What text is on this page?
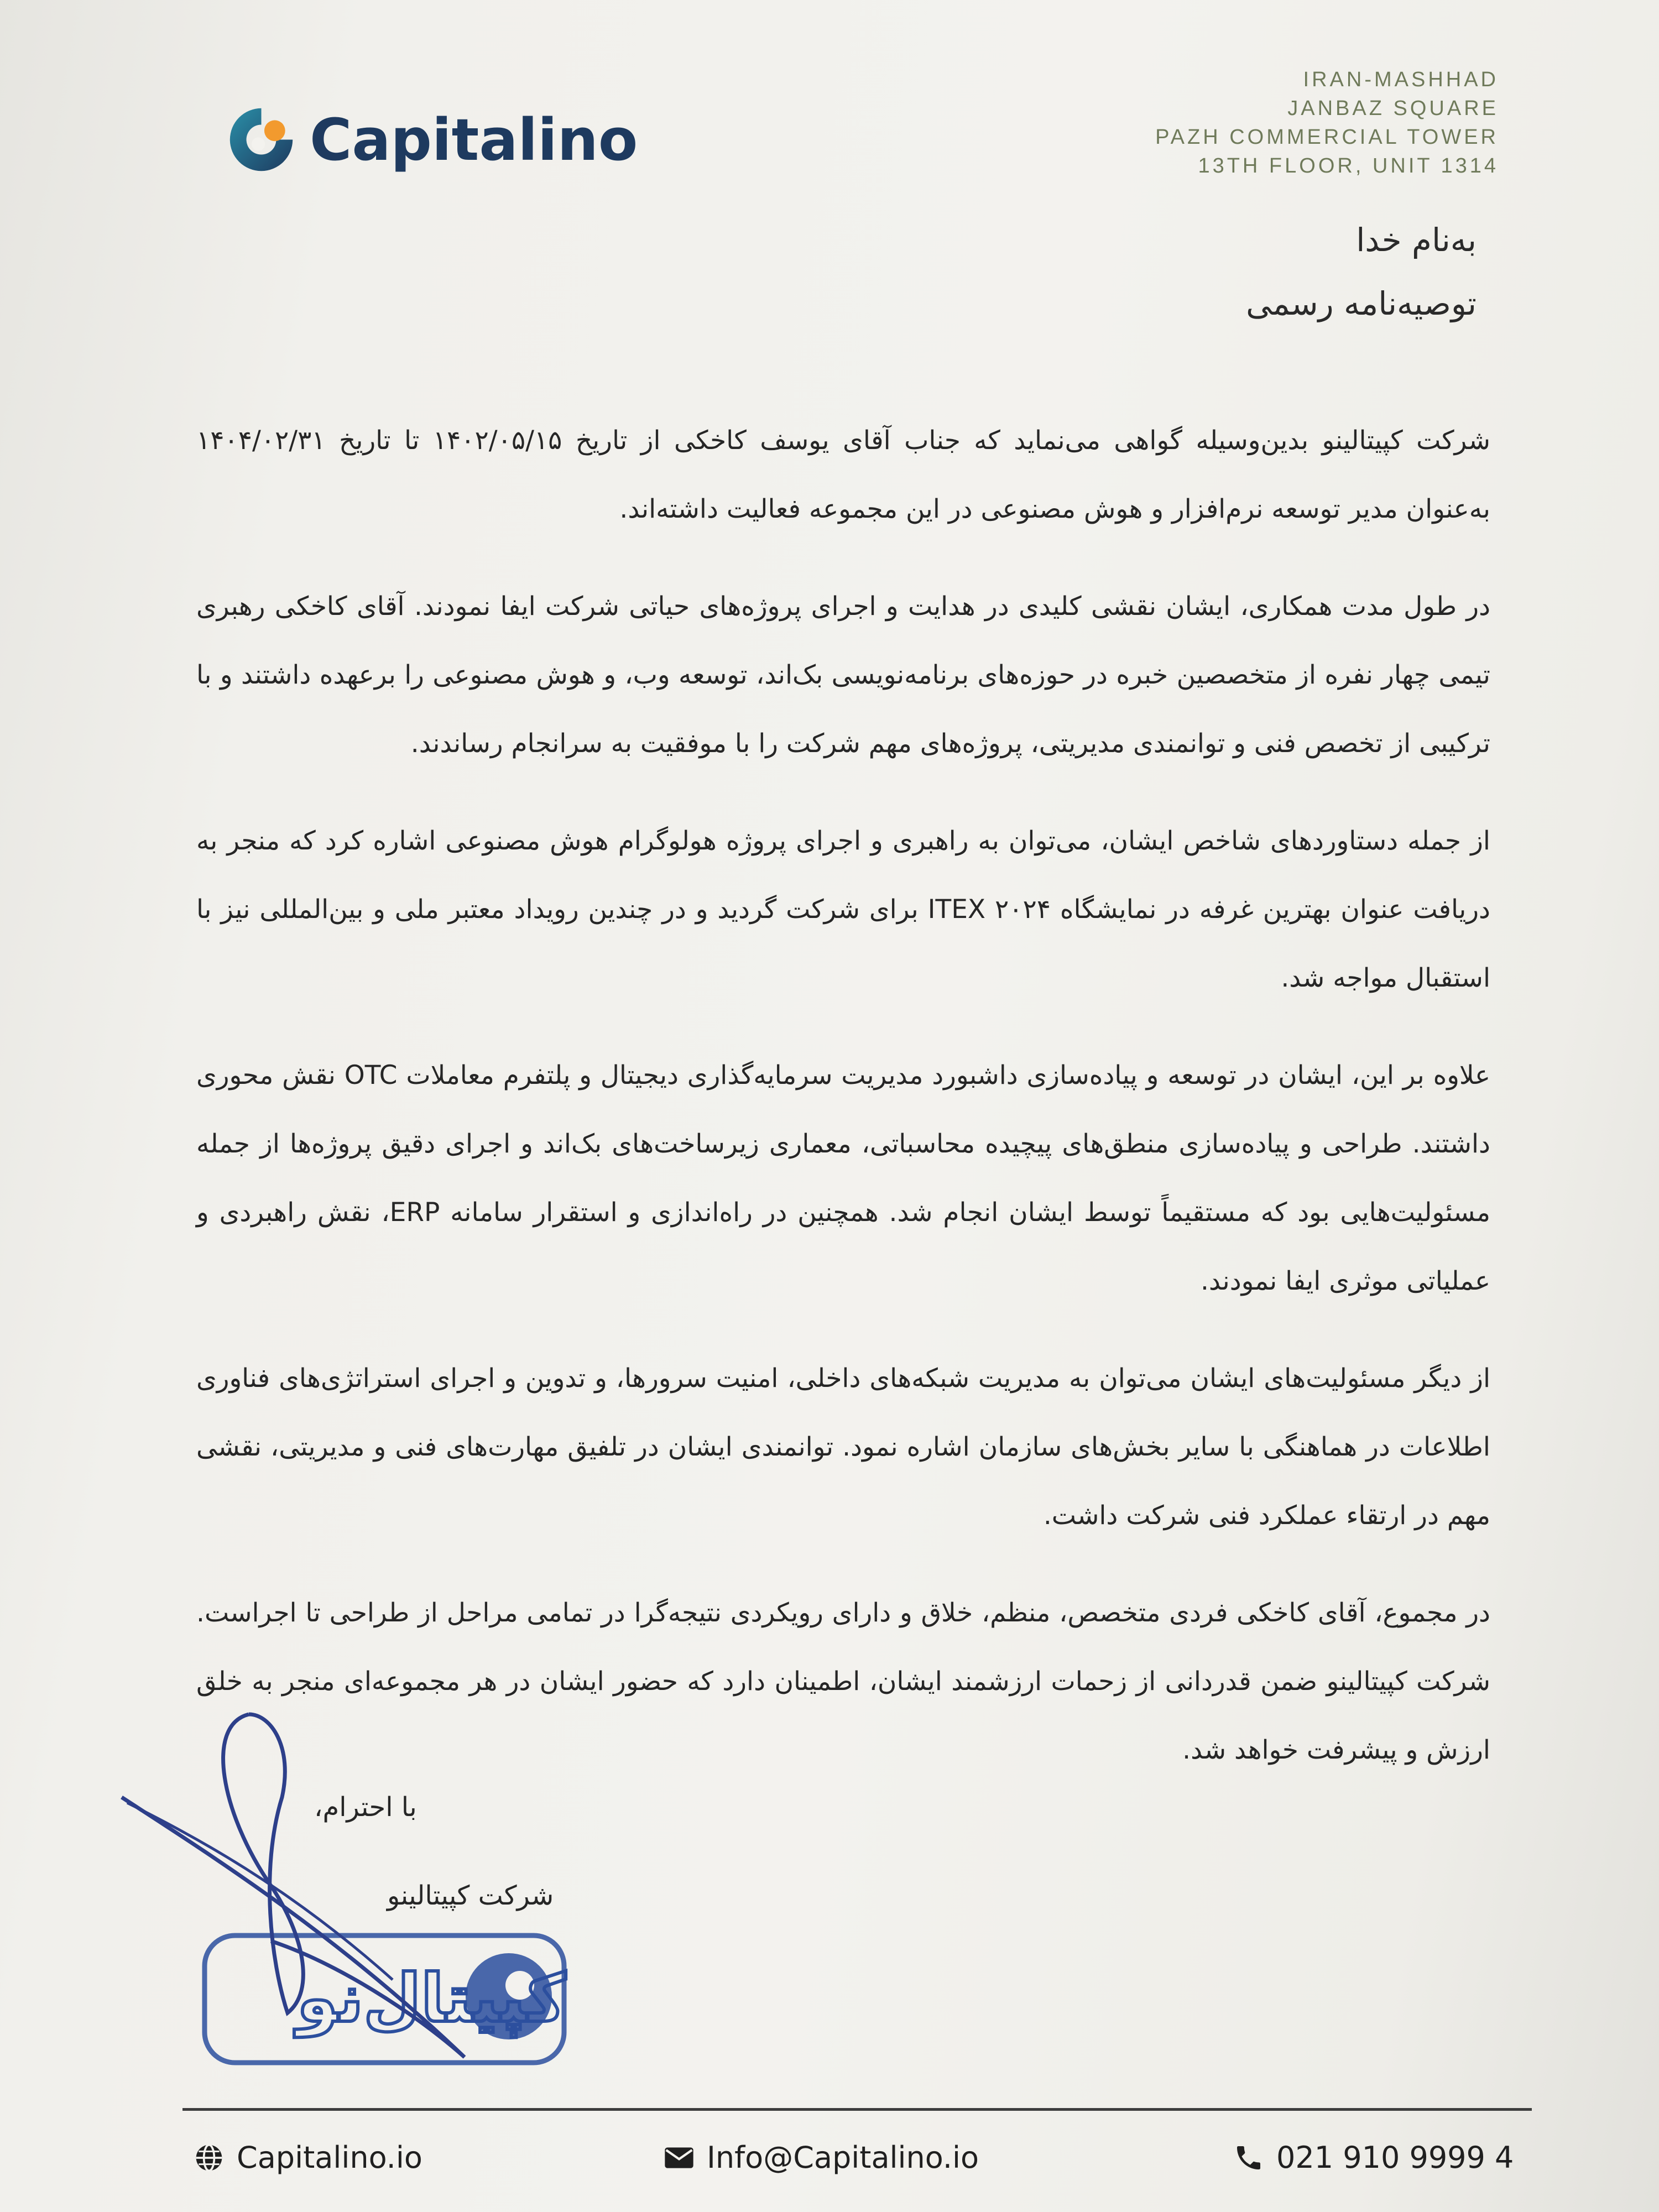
Capitalino
IRAN-MASHHAD
JANBAZ SQUARE
PAZH COMMERCIAL TOWER
13TH FLOOR, UNIT 1314
به‌نام خدا
توصیه‌نامه رسمی

شرکت کپیتالینو بدین‌وسیله گواهی می‌نماید که جناب آقای یوسف کاخکی از تاریخ ۱۴۰۲/۰۵/۱۵ تا تاریخ ۱۴۰۴/۰۲/۳۱ به‌عنوان مدیر توسعه نرم‌افزار و هوش مصنوعی در این مجموعه فعالیت داشته‌اند.

در طول مدت همکاری، ایشان نقشی کلیدی در هدایت و اجرای پروژه‌های حیاتی شرکت ایفا نمودند. آقای کاخکی رهبری تیمی چهار نفره از متخصصین خبره در حوزه‌های برنامه‌نویسی بک‌اند، توسعه وب، و هوش مصنوعی را برعهده داشتند و با ترکیبی از تخصص فنی و توانمندی مدیریتی، پروژه‌های مهم شرکت را با موفقیت به سرانجام رساندند.

از جمله دستاوردهای شاخص ایشان، می‌توان به راهبری و اجرای پروژه هولوگرام هوش مصنوعی اشاره کرد که منجر به دریافت عنوان بهترین غرفه در نمایشگاه ITEX ۲۰۲۴ برای شرکت گردید و در چندین رویداد معتبر ملی و بین‌المللی نیز با استقبال مواجه شد.

علاوه بر این، ایشان در توسعه و پیاده‌سازی داشبورد مدیریت سرمایه‌گذاری دیجیتال و پلتفرم معاملات OTC نقش محوری داشتند. طراحی و پیاده‌سازی منطق‌های پیچیده محاسباتی، معماری زیرساخت‌های بک‌اند و اجرای دقیق پروژه‌ها از جمله مسئولیت‌هایی بود که مستقیماً توسط ایشان انجام شد. همچنین در راه‌اندازی و استقرار سامانه ERP، نقش راهبردی و عملیاتی موثری ایفا نمودند.

از دیگر مسئولیت‌های ایشان می‌توان به مدیریت شبکه‌های داخلی، امنیت سرورها، و تدوین و اجرای استراتژی‌های فناوری اطلاعات در هماهنگی با سایر بخش‌های سازمان اشاره نمود. توانمندی ایشان در تلفیق مهارت‌های فنی و مدیریتی، نقشی مهم در ارتقاء عملکرد فنی شرکت داشت.

در مجموع، آقای کاخکی فردی متخصص، منظم، خلاق و دارای رویکردی نتیجه‌گرا در تمامی مراحل از طراحی تا اجراست. شرکت کپیتالینو ضمن قدردانی از زحمات ارزشمند ایشان، اطمینان دارد که حضور ایشان در هر مجموعه‌ای منجر به خلق ارزش و پیشرفت خواهد شد.

با احترام،
شرکت کپیتالینو
کپیتال‌نو
Capitalino.io	Info@Capitalino.io	021 910 9999 4
